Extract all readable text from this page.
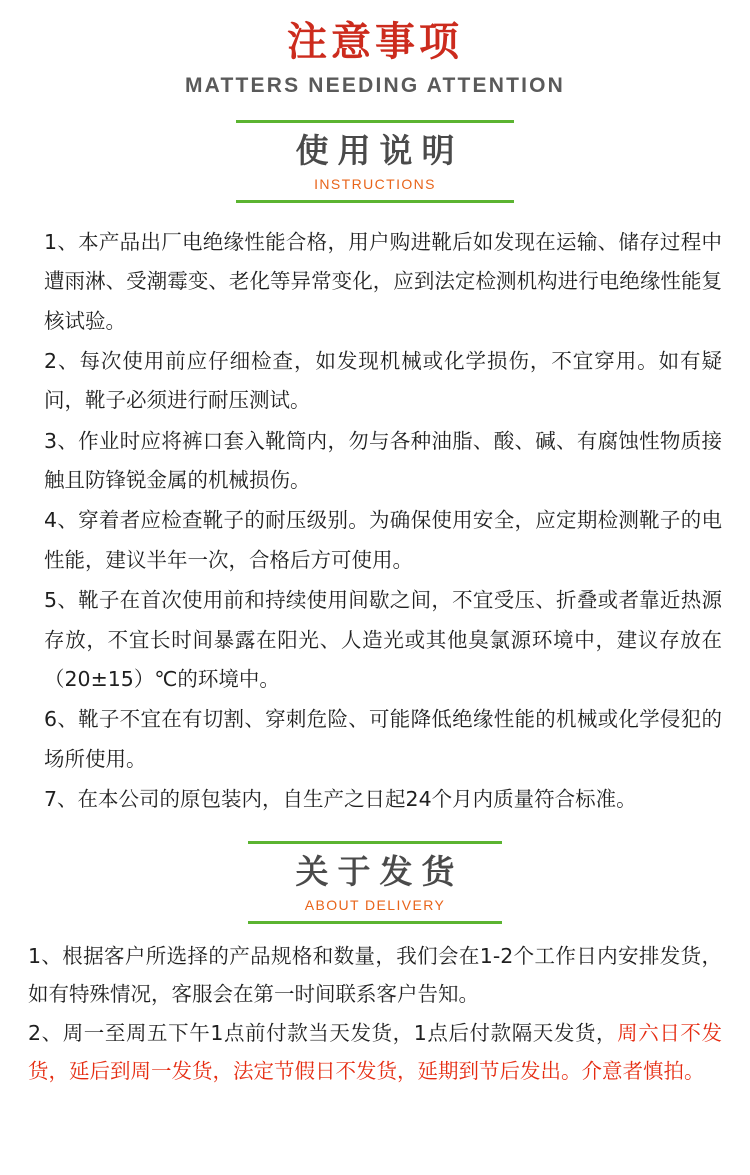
注意事项
MATTERS NEEDING ATTENTION
使用说明
INSTRUCTIONS

1、本产品出厂电绝缘性能合格，用户购进靴后如发现在运输、储存过程中遭雨淋、受潮霉变、老化等异常变化，应到法定检测机构进行电绝缘性能复核试验。

2、每次使用前应仔细检查，如发现机械或化学损伤，不宜穿用。如有疑问，靴子必须进行耐压测试。

3、作业时应将裤口套入靴筒内，勿与各种油脂、酸、碱、有腐蚀性物质接触且防锋锐金属的机械损伤。

4、穿着者应检查靴子的耐压级别。为确保使用安全，应定期检测靴子的电性能，建议半年一次，合格后方可使用。

5、靴子在首次使用前和持续使用间歇之间，不宜受压、折叠或者靠近热源存放，不宜长时间暴露在阳光、人造光或其他臭氯源环境中，建议存放在（20±15）℃的环境中。

6、靴子不宜在有切割、穿刺危险、可能降低绝缘性能的机械或化学侵犯的场所使用。

7、在本公司的原包装内，自生产之日起24个月内质量符合标准。

关于发货
ABOUT DELIVERY

1、根据客户所选择的产品规格和数量，我们会在1-2个工作日内安排发货，如有特殊情况，客服会在第一时间联系客户告知。

2、周一至周五下午1点前付款当天发货，1点后付款隔天发货，周六日不发货，延后到周一发货，法定节假日不发货，延期到节后发出。介意者慎拍。
